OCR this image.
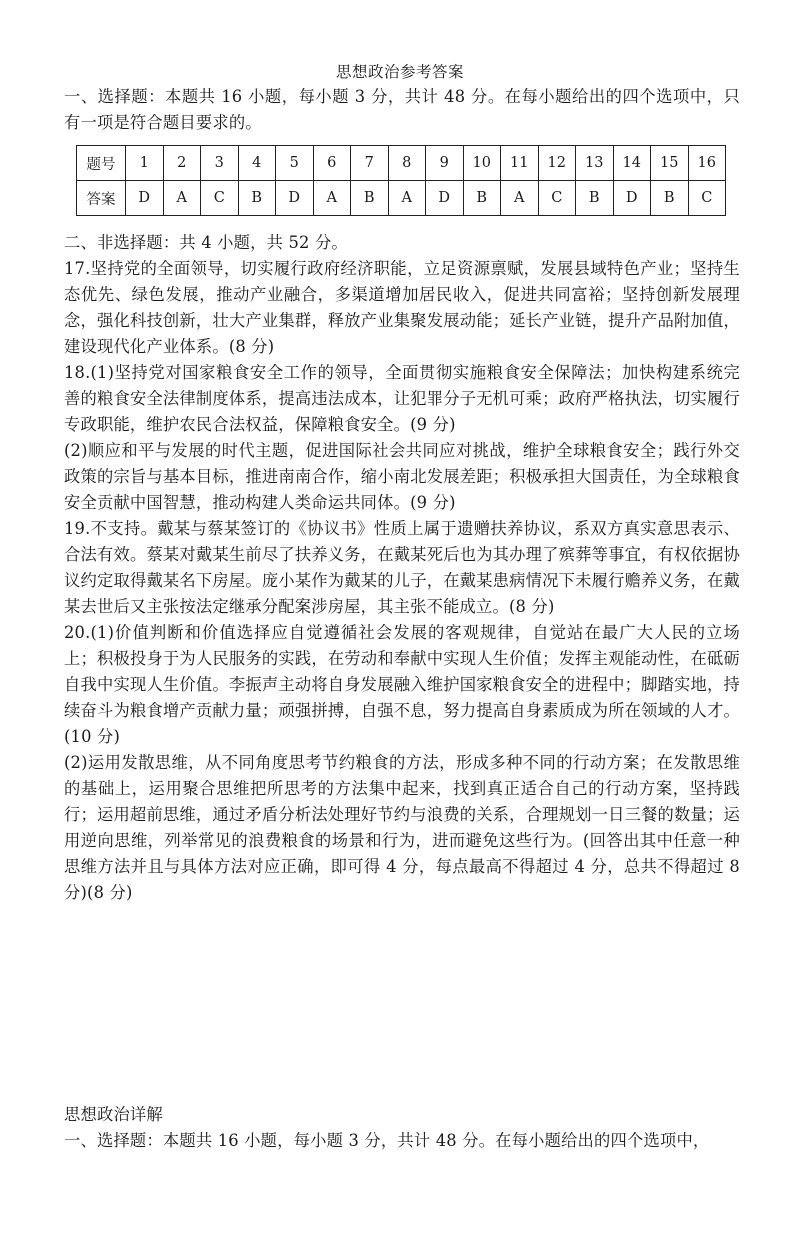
思想政治参考答案
一、选择题：本题共 16 小题，每小题 3 分，共计 48 分。在每小题给出的四个选项中，只有一项是符合题目要求的。
题号	1	2	3	4	5	6	7	8	9	10	11	12	13	14	15	16
答案	D	A	C	B	D	A	B	A	D	B	A	C	B	D	B	C
二、非选择题：共 4 小题，共 52 分。
17.坚持党的全面领导，切实履行政府经济职能，立足资源禀赋，发展县域特色产业；坚持生态优先、绿色发展，推动产业融合，多渠道增加居民收入，促进共同富裕；坚持创新发展理念，强化科技创新，壮大产业集群，释放产业集聚发展动能；延长产业链，提升产品附加值，建设现代化产业体系。(8 分)
18.(1)坚持党对国家粮食安全工作的领导，全面贯彻实施粮食安全保障法；加快构建系统完善的粮食安全法律制度体系，提高违法成本，让犯罪分子无机可乘；政府严格执法，切实履行专政职能，维护农民合法权益，保障粮食安全。(9 分)
(2)顺应和平与发展的时代主题，促进国际社会共同应对挑战，维护全球粮食安全；践行外交政策的宗旨与基本目标，推进南南合作，缩小南北发展差距；积极承担大国责任，为全球粮食安全贡献中国智慧，推动构建人类命运共同体。(9 分)
19.不支持。戴某与蔡某签订的《协议书》性质上属于遗赠扶养协议，系双方真实意思表示、合法有效。蔡某对戴某生前尽了扶养义务，在戴某死后也为其办理了殡葬等事宜，有权依据协议约定取得戴某名下房屋。庞小某作为戴某的儿子，在戴某患病情况下未履行赡养义务，在戴某去世后又主张按法定继承分配案涉房屋，其主张不能成立。(8 分)
20.(1)价值判断和价值选择应自觉遵循社会发展的客观规律，自觉站在最广大人民的立场上；积极投身于为人民服务的实践，在劳动和奉献中实现人生价值；发挥主观能动性，在砥砺自我中实现人生价值。李振声主动将自身发展融入维护国家粮食安全的进程中；脚踏实地，持续奋斗为粮食增产贡献力量；顽强拼搏，自强不息，努力提高自身素质成为所在领域的人才。(10 分)
(2)运用发散思维，从不同角度思考节约粮食的方法，形成多种不同的行动方案；在发散思维的基础上，运用聚合思维把所思考的方法集中起来，找到真正适合自己的行动方案，坚持践行；运用超前思维，通过矛盾分析法处理好节约与浪费的关系，合理规划一日三餐的数量；运用逆向思维，列举常见的浪费粮食的场景和行为，进而避免这些行为。(回答出其中任意一种思维方法并且与具体方法对应正确，即可得 4 分，每点最高不得超过 4 分，总共不得超过 8 分)(8 分)
思想政治详解
一、选择题：本题共 16 小题，每小题 3 分，共计 48 分。在每小题给出的四个选项中，
